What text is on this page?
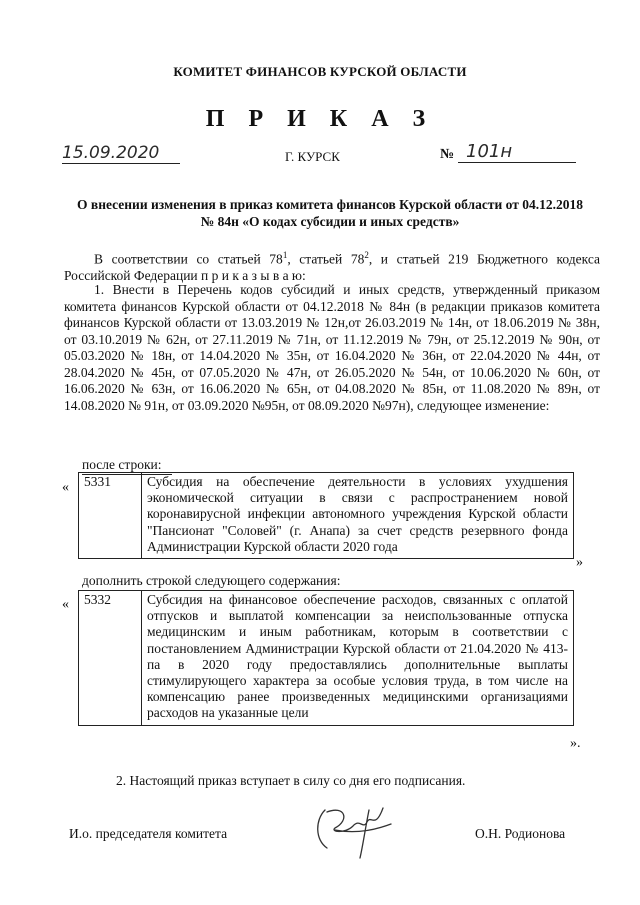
КОМИТЕТ ФИНАНСОВ КУРСКОЙ ОБЛАСТИ
П Р И К А З
15.09.2020	Г. КУРСК	№ 101н
О внесении изменения в приказ комитета финансов Курской области от 04.12.2018 № 84н «О кодах субсидии и иных средств»
В соответствии со статьей $78^1$, статьей $78^2$, и статьей 219 Бюджетного кодекса Российской Федерации п р и к а з ы в а ю:
1. Внести в Перечень кодов субсидий и иных средств, утвержденный приказом комитета финансов Курской области от 04.12.2018 № 84н (в редакции приказов комитета финансов Курской области от 13.03.2019 № 12н,от 26.03.2019 № 14н, от 18.06.2019 № 38н, от 03.10.2019 № 62н, от 27.11.2019 № 71н, от 11.12.2019 № 79н, от 25.12.2019 № 90н, от 05.03.2020 № 18н, от 14.04.2020 № 35н, от 16.04.2020 № 36н, от 22.04.2020 № 44н, от 28.04.2020 № 45н, от 07.05.2020 № 47н, от 26.05.2020 № 54н, от 10.06.2020 № 60н, от 16.06.2020 № 63н, от 16.06.2020 № 65н, от 04.08.2020 № 85н, от 11.08.2020 № 89н, от 14.08.2020 № 91н, от 03.09.2020 №95н, от 08.09.2020 №97н), следующее изменение:
после строки:
« 5331	Субсидия на обеспечение деятельности в условиях ухудшения экономической ситуации в связи с распространением новой коронавирусной инфекции автономного учреждения Курской области "Пансионат "Соловей" (г. Анапа) за счет средств резервного фонда Администрации Курской области 2020 года
»
дополнить строкой следующего содержания:
« 5332	Субсидия на финансовое обеспечение расходов, связанных с оплатой отпусков и выплатой компенсации за неиспользованные отпуска медицинским и иным работникам, которым в соответствии с постановлением Администрации Курской области от 21.04.2020 № 413-па в 2020 году предоставлялись дополнительные выплаты стимулирующего характера за особые условия труда, в том числе на компенсацию ранее произведенных медицинскими организациями расходов на указанные цели
».
2. Настоящий приказ вступает в силу со дня его подписания.
И.о. председателя комитета	О.Н. Родионова
